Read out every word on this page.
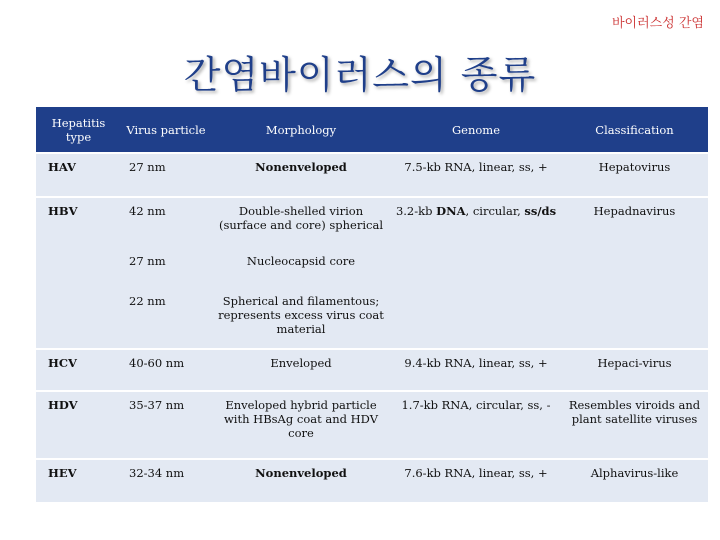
바이러스성 간염
간염바이러스의 종류
Hepatitis type	Virus particle	Morphology	Genome	Classification
HAV	27 nm	Nonenveloped	7.5-kb RNA, linear, ss, +	Hepatovirus
HBV	42 nm	Double-shelled virion (surface and core) spherical	3.2-kb DNA, circular, ss/ds	Hepadnavirus
	27 nm	Nucleocapsid core		
	22 nm	Spherical and filamentous; represents excess virus coat material		
HCV	40-60 nm	Enveloped	9.4-kb RNA, linear, ss, +	Hepaci-virus
HDV	35-37 nm	Enveloped hybrid particle with HBsAg coat and HDV core	1.7-kb RNA, circular, ss, -	Resembles viroids and plant satellite viruses
HEV	32-34 nm	Nonenveloped	7.6-kb RNA, linear, ss, +	Alphavirus-like
